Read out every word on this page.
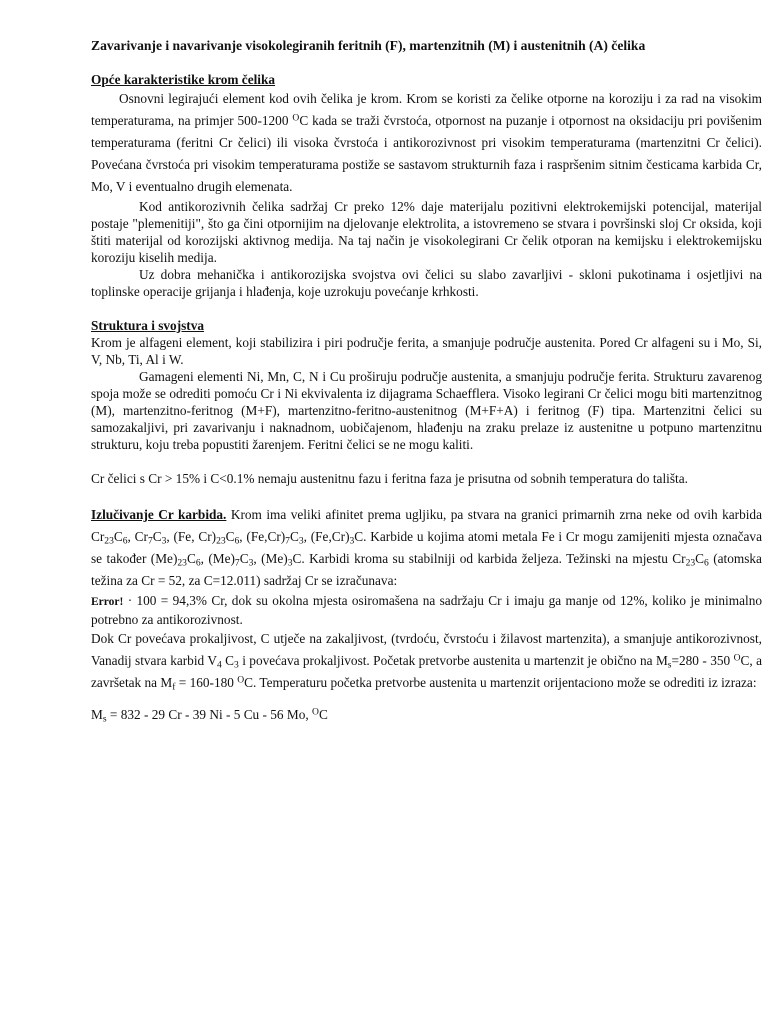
Zavarivanje i navarivanje visokolegiranih feritnih (F), martenzitnih (M) i austenitnih (A) čelika

Opće karakteristike krom čelika

Osnovni legirajući element kod ovih čelika je krom. Krom se koristi za čelike otporne na koroziju i za rad na visokim temperaturama, na primjer 500-1200 $^O$C kada se traži čvrstoća, otpornost na puzanje i otpornost na oksidaciju pri povišenim temperaturama (feritni Cr čelici) ili visoka čvrstoća i antikorozivnost pri visokim temperaturama (martenzitni Cr čelici). Povećana čvrstoća pri visokim temperaturama postiže se sastavom strukturnih faza i raspršenim sitnim česticama karbida Cr, Mo, V i eventualno drugih elemenata.

Kod antikorozivnih čelika sadržaj Cr preko 12% daje materijalu pozitivni elektrokemijski potencijal, materijal postaje "plemenitiji", što ga čini otpornijim na djelovanje elektrolita, a istovremeno se stvara i površinski sloj Cr oksida, koji štiti materijal od korozijski aktivnog medija. Na taj način je visokolegirani Cr čelik otporan na kemijsku i elektrokemijsku koroziju kiselih medija.

Uz dobra mehanička i antikorozijska svojstva ovi čelici su slabo zavarljivi - skloni pukotinama i osjetljivi na toplinske operacije grijanja i hlađenja, koje uzrokuju povećanje krhkosti.

Struktura i svojstva

Krom je alfageni element, koji stabilizira i piri područje ferita, a smanjuje područje austenita. Pored Cr alfageni su i Mo, Si, V, Nb, Ti, Al i W.

Gamageni elementi Ni, Mn, C, N i Cu proširuju područje austenita, a smanjuju područje ferita. Strukturu zavarenog spoja može se odrediti pomoću Cr i Ni ekvivalenta iz dijagrama Schaefflera. Visoko legirani Cr čelici mogu biti martenzitnog (M), martenzitno-feritnog (M+F), martenzitno-feritno-austenitnog (M+F+A) i feritnog (F) tipa. Martenzitni čelici su samozakaljivi, pri zavarivanju i naknadnom, uobičajenom, hlađenju na zraku prelaze iz austenitne u potpuno martenzitnu strukturu, koju treba popustiti žarenjem. Feritni čelici se ne mogu kaliti.

Cr čelici s Cr > 15% i C<0.1% nemaju austenitnu fazu i feritna faza je prisutna od sobnih temperatura do tališta.

Izlučivanje Cr karbida. Krom ima veliki afinitet prema ugljiku, pa stvara na granici primarnih zrna neke od ovih karbida $Cr_{23}C_6$, $Cr_7C_3$, (Fe, $Cr)_{23}C_6$, $(Fe,Cr)_7C_3$, $(Fe,Cr)_3C$. Karbide u kojima atomi metala Fe i Cr mogu zamijeniti mjesta označava se također $(Me)_{23}C_6$, $(Me)_7C_3$, $(Me)_3C$. Karbidi kroma su stabilniji od karbida željeza. Težinski na mjestu $Cr_{23}C_6$ (atomska težina za Cr = 52, za C=12.011) sadržaj Cr se izračunava:

Error! · 100 = 94,3% Cr, dok su okolna mjesta osiromašena na sadržaju Cr i imaju ga manje od 12%, koliko je minimalno potrebno za antikorozivnost.

Dok Cr povećava prokaljivost, C utječe na zakaljivost, (tvrdoću, čvrstoću i žilavost martenzita), a smanjuje antikorozivnost, Vanadij stvara karbid $V_4$ $C_3$ i povećava prokaljivost. Početak pretvorbe austenita u martenzit je obično na $M_s=280 - 350$ $^O$C, a završetak na $M_f = 160-180$ $^O$C. Temperaturu početka pretvorbe austenita u martenzit orijentaciono može se odrediti iz izraza:

$M_s = 832 - 29$ Cr - 39 Ni - 5 Cu - 56 Mo, $^O$C
